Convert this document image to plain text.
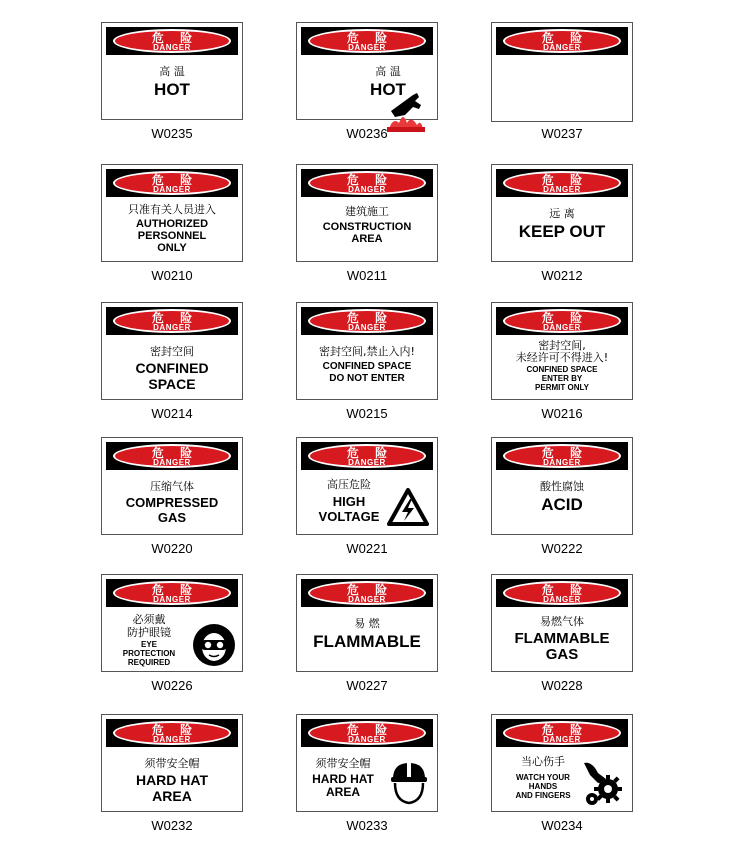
危 险
DANGER
高 温
HOT
W0235
危 险
DANGER
高 温
HOT
W0236
危 险
DANGER
W0237
危 险
DANGER
只准有关人员进入
AUTHORIZED
PERSONNEL
ONLY
W0210
危 险
DANGER
建筑施工
CONSTRUCTION
AREA
W0211
危 险
DANGER
远 离
KEEP OUT
W0212
危 险
DANGER
密封空间
CONFINED
SPACE
W0214
危 险
DANGER
密封空间,禁止入内!
CONFINED SPACE
DO NOT ENTER
W0215
危 险
DANGER
密封空间,
未经许可不得进入!
CONFINED SPACE
ENTER BY
PERMIT ONLY
W0216
危 险
DANGER
压缩气体
COMPRESSED
GAS
W0220
危 险
DANGER
高压危险
HIGH
VOLTAGE
W0221
危 险
DANGER
酸性腐蚀
ACID
W0222
危 险
DANGER
必须戴
防护眼镜
EYE
PROTECTION
REQUIRED
W0226
危 险
DANGER
易 燃
FLAMMABLE
W0227
危 险
DANGER
易燃气体
FLAMMABLE
GAS
W0228
危 险
DANGER
须带安全帽
HARD HAT
AREA
W0232
危 险
DANGER
须带安全帽
HARD HAT
AREA
W0233
危 险
DANGER
当心伤手
WATCH YOUR
HANDS
AND FINGERS
W0234
